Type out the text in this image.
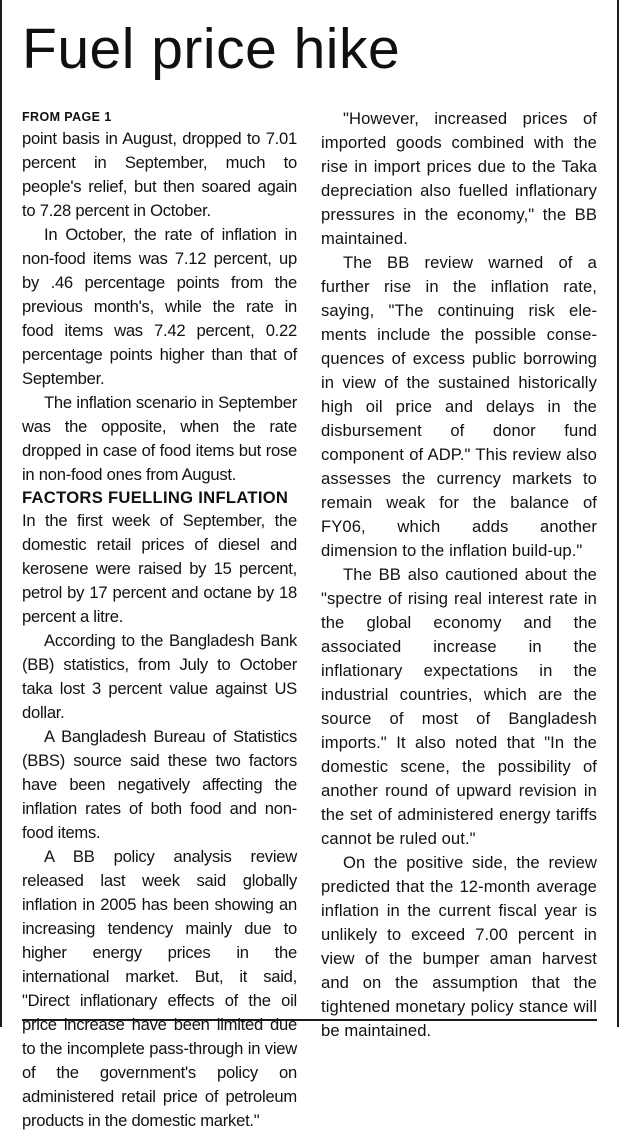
Fuel price hike
FROM PAGE 1

point basis in August, dropped to 7.01 percent in September, much to people's relief, but then soared again to 7.28 percent in October.

In October, the rate of inflation in non-food items was 7.12 percent, up by .46 percentage points from the previous month's, while the rate in food items was 7.42 percent, 0.22 percentage points higher than that of September.

The inflation scenario in September was the opposite, when the rate dropped in case of food items but rose in non-food ones from August.

FACTORS FUELLING INFLATION

In the first week of September, the domestic retail prices of diesel and kerosene were raised by 15 percent, petrol by 17 percent and octane by 18 percent a litre.

According to the Bangladesh Bank (BB) statistics, from July to October taka lost 3 percent value against US dollar.

A Bangladesh Bureau of Statistics (BBS) source said these two factors have been negatively affecting the inflation rates of both food and non-food items.

A BB policy analysis review released last week said globally inflation in 2005 has been showing an increasing tendency mainly due to higher energy prices in the international market. But, it said, "Direct inflationary effects of the oil price increase have been limited due to the incomplete pass-through in view of the government's policy on administered retail price of petroleum products in the domestic market."

"However, increased prices of imported goods combined with the rise in import prices due to the Taka depreciation also fuelled inflationary pressures in the economy," the BB maintained.

The BB review warned of a further rise in the inflation rate, saying, "The continuing risk elements include the possible consequences of excess public borrowing in view of the sustained historically high oil price and delays in the disbursement of donor fund component of ADP." This review also assesses the currency markets to remain weak for the balance of FY06, which adds another dimension to the inflation build-up."

The BB also cautioned about the "spectre of rising real interest rate in the global economy and the associated increase in the inflationary expectations in the industrial countries, which are the source of most of Bangladesh imports." It also noted that "In the domestic scene, the possibility of another round of upward revision in the set of administered energy tariffs cannot be ruled out."

On the positive side, the review predicted that the 12-month average inflation in the current fiscal year is unlikely to exceed 7.00 percent in view of the bumper aman harvest and on the assumption that the tightened monetary policy stance will be maintained.
